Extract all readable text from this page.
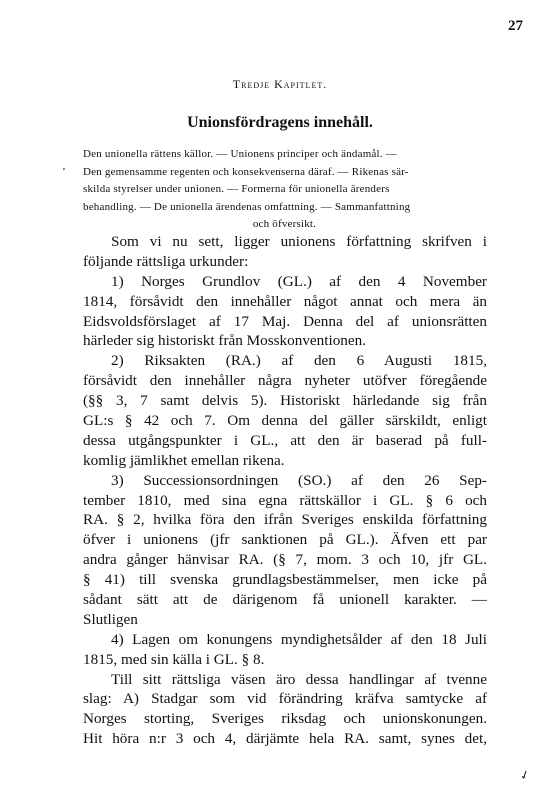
27
Tredje Kapitlet.
Unionsfördragens innehåll.
ʼ
Den unionella rättens källor. — Unionens principer och ändamål. —
Den gemensamme regenten och konsekvenserna däraf. — Rikenas sär-
skilda styrelser under unionen. — Formerna för unionella ärenders
behandling. — De unionella ärendenas omfattning. — Sammanfattning
och öfversikt.
Som vi nu sett, ligger unionens författning skrifven i
följande rättsliga urkunder:
1) Norges Grundlov (GL.) af den 4 November
1814, försåvidt den innehåller något annat och mera än
Eidsvoldsförslaget af 17 Maj. Denna del af unionsrätten
härleder sig historiskt från Mosskonventionen.
2) Riksakten (RA.) af den 6 Augusti 1815,
försåvidt den innehåller några nyheter utöfver föregående
(§§ 3, 7 samt delvis 5). Historiskt härledande sig från
GL:s § 42 och 7. Om denna del gäller särskildt, enligt
dessa utgångspunkter i GL., att den är baserad på full-
komlig jämlikhet emellan rikena.
3) Successionsordningen (SO.) af den 26 Sep-
tember 1810, med sina egna rättskällor i GL. § 6 och
RA. § 2, hvilka föra den ifrån Sveriges enskilda författning
öfver i unionens (jfr sanktionen på GL.). Äfven ett par
andra gånger hänvisar RA. (§ 7, mom. 3 och 10, jfr GL.
§ 41) till svenska grundlagsbestämmelser, men icke på
sådant sätt att de därigenom få unionell karakter. —
Slutligen
4) Lagen om konungens myndighetsålder af den 18 Juli
1815, med sin källa i GL. § 8.
Till sitt rättsliga väsen äro dessa handlingar af tvenne
slag: A) Stadgar som vid förändring kräfva samtycke af
Norges storting, Sveriges riksdag och unionskonungen.
Hit höra n:r 3 och 4, därjämte hela RA. samt, synes det,
✓
